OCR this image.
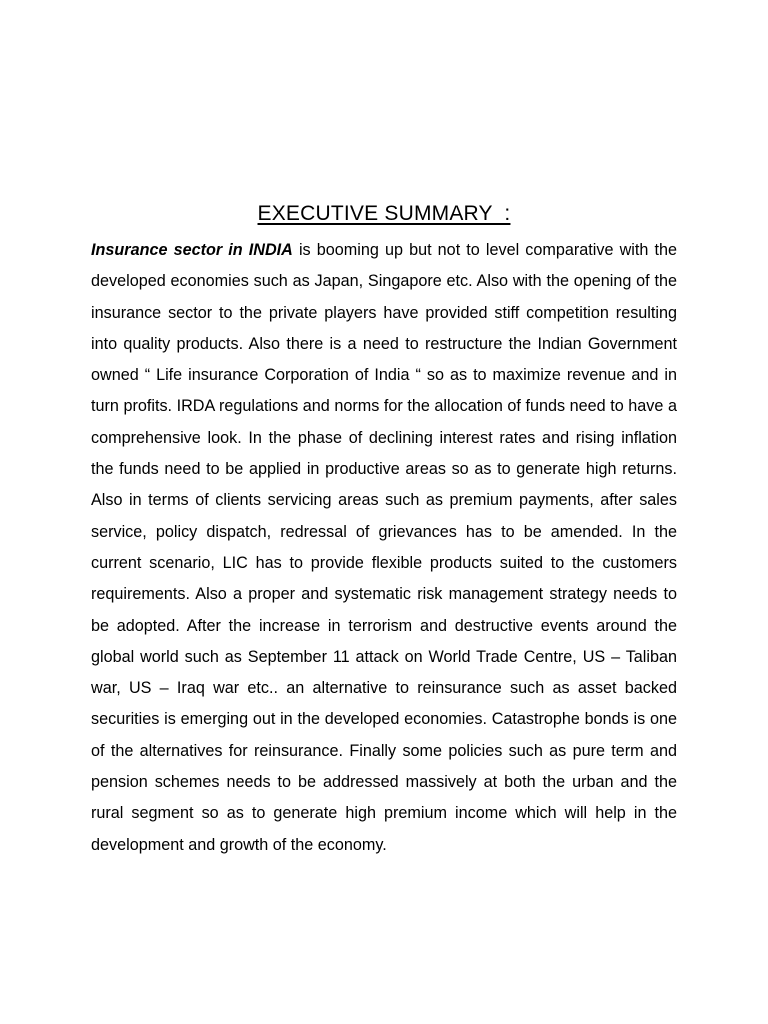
EXECUTIVE SUMMARY  :

Insurance sector in INDIA is booming up but not to level comparative with the developed economies such as Japan, Singapore etc. Also with the opening of the insurance sector to the private players have provided stiff competition resulting into quality products. Also there is a need to restructure the Indian Government owned “ Life insurance Corporation of India “ so as to maximize revenue and in turn profits. IRDA regulations and norms for the allocation of funds need to have a comprehensive look. In the phase of declining interest rates and rising inflation the funds need to be applied in productive areas so as to generate high returns. Also in terms of clients servicing areas such as premium payments, after sales service, policy dispatch, redressal of grievances has to be amended. In the current scenario, LIC has to provide flexible products suited to the customers requirements. Also a proper and systematic risk management strategy needs to be adopted. After the increase in terrorism and destructive events around the global world such as September 11 attack on World Trade Centre, US – Taliban war, US – Iraq war etc.. an alternative to reinsurance such as asset backed securities is emerging out in the developed economies. Catastrophe bonds is one of the alternatives for reinsurance. Finally some policies such as pure term and pension schemes needs to be addressed massively at both the urban and the rural segment so as to generate high premium income which will help in the development and growth of the economy.
